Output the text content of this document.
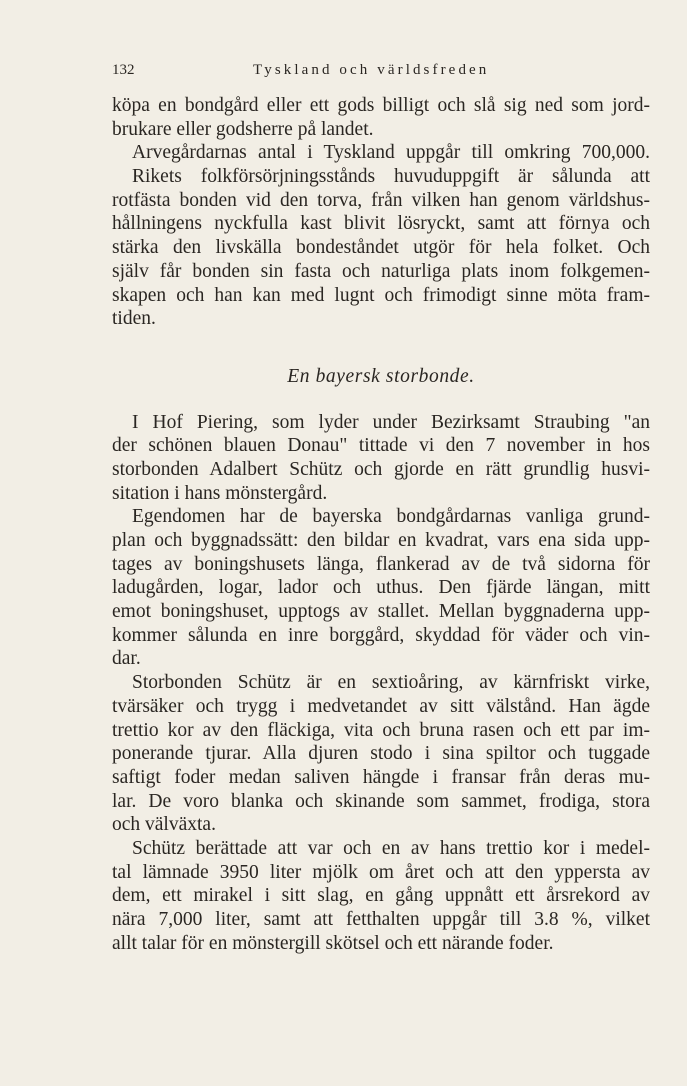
132	Tyskland och världsfreden
köpa en bondgård eller ett gods billigt och slå sig ned som jord-
brukare eller godsherre på landet.
Arvegårdarnas antal i Tyskland uppgår till omkring 700,000.
Rikets folkförsörjningsstånds huvuduppgift är sålunda att
rotfästa bonden vid den torva, från vilken han genom världshus-
hållningens nyckfulla kast blivit lösryckt, samt att förnya och
stärka den livskälla bondeståndet utgör för hela folket. Och
själv får bonden sin fasta och naturliga plats inom folkgemen-
skapen och han kan med lugnt och frimodigt sinne möta fram-
tiden.
En bayersk storbonde.
I Hof Piering, som lyder under Bezirksamt Straubing "an
der schönen blauen Donau" tittade vi den 7 november in hos
storbonden Adalbert Schütz och gjorde en rätt grundlig husvi-
sitation i hans mönstergård.
Egendomen har de bayerska bondgårdarnas vanliga grund-
plan och byggnadssätt: den bildar en kvadrat, vars ena sida upp-
tages av boningshusets länga, flankerad av de två sidorna för
ladugården, logar, lador och uthus. Den fjärde längan, mitt
emot boningshuset, upptogs av stallet. Mellan byggnaderna upp-
kommer sålunda en inre borggård, skyddad för väder och vin-
dar.
Storbonden Schütz är en sextioåring, av kärnfriskt virke,
tvärsäker och trygg i medvetandet av sitt välstånd. Han ägde
trettio kor av den fläckiga, vita och bruna rasen och ett par im-
ponerande tjurar. Alla djuren stodo i sina spiltor och tuggade
saftigt foder medan saliven hängde i fransar från deras mu-
lar. De voro blanka och skinande som sammet, frodiga, stora
och välväxta.
Schütz berättade att var och en av hans trettio kor i medel-
tal lämnade 3950 liter mjölk om året och att den yppersta av
dem, ett mirakel i sitt slag, en gång uppnått ett årsrekord av
nära 7,000 liter, samt att fetthalten uppgår till 3.8 %, vilket
allt talar för en mönstergill skötsel och ett närande foder.
